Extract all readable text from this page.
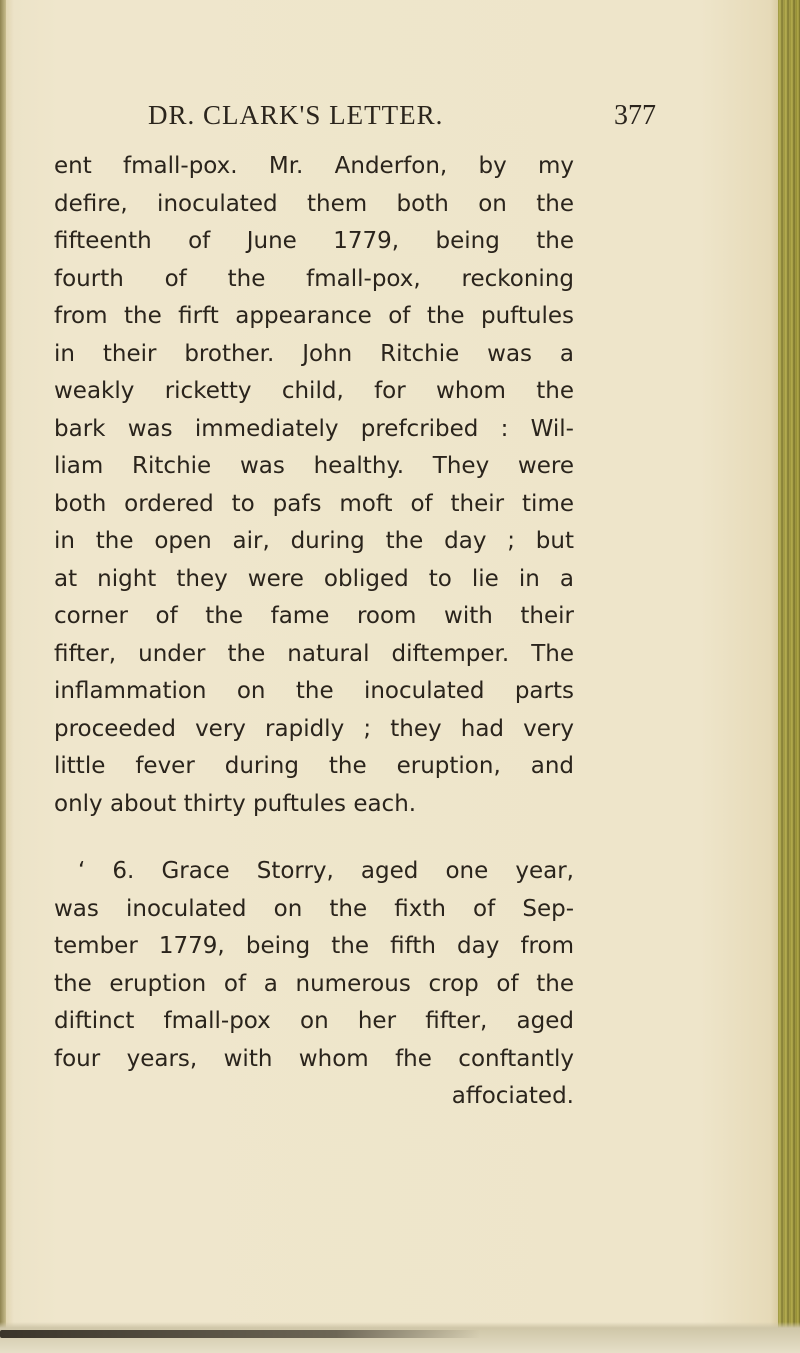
DR. CLARK'S LETTER.	377
ent fmall-pox. Mr. Anderfon, by my
defire, inoculated them both on the
fifteenth of June 1779, being the
fourth of the fmall-pox, reckoning
from the firft appearance of the puftules
in their brother. John Ritchie was a
weakly ricketty child, for whom the
bark was immediately prefcribed : Wil-
liam Ritchie was healthy. They were
both ordered to pafs moft of their time
in the open air, during the day ; but
at night they were obliged to lie in a
corner of the fame room with their
fifter, under the natural diftemper. The
inflammation on the inoculated parts
proceeded very rapidly ; they had very
little fever during the eruption, and
only about thirty puftules each.
‘ 6. Grace Storry, aged one year,
was inoculated on the fixth of Sep-
tember 1779, being the fifth day from
the eruption of a numerous crop of the
diftinct fmall-pox on her fifter, aged
four years, with whom fhe conftantly
affociated.
